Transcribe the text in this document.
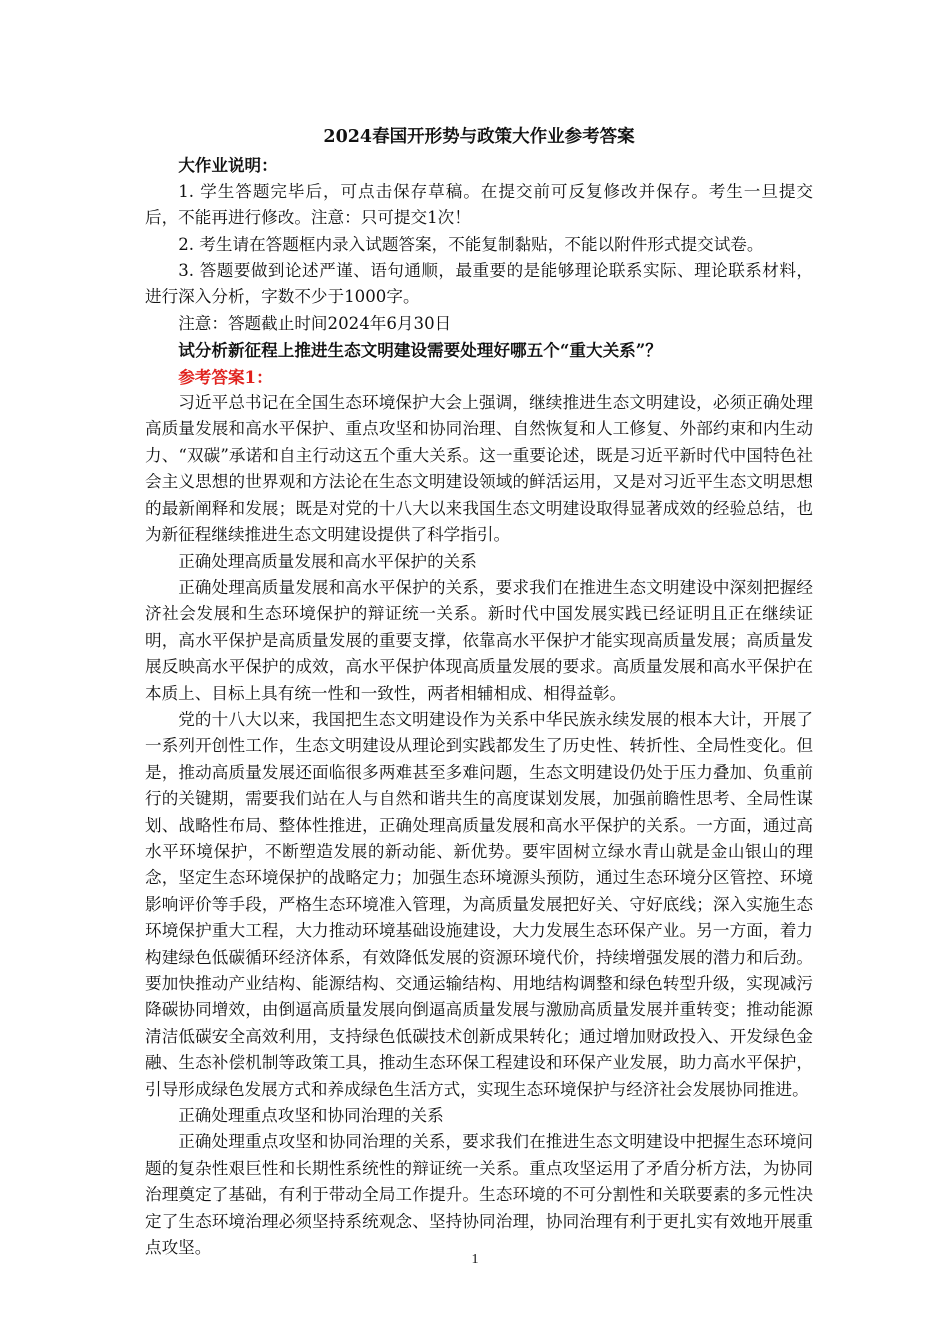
2024春国开形势与政策大作业参考答案

大作业说明：

1. 学生答题完毕后，可点击保存草稿。在提交前可反复修改并保存。考生一旦提交后，不能再进行修改。注意：只可提交1次！

2. 考生请在答题框内录入试题答案，不能复制黏贴，不能以附件形式提交试卷。

3. 答题要做到论述严谨、语句通顺，最重要的是能够理论联系实际、理论联系材料，进行深入分析，字数不少于1000字。

注意：答题截止时间2024年6月30日

试分析新征程上推进生态文明建设需要处理好哪五个“重大关系”？

参考答案1：

习近平总书记在全国生态环境保护大会上强调，继续推进生态文明建设，必须正确处理高质量发展和高水平保护、重点攻坚和协同治理、自然恢复和人工修复、外部约束和内生动力、“双碳”承诺和自主行动这五个重大关系。这一重要论述，既是习近平新时代中国特色社会主义思想的世界观和方法论在生态文明建设领域的鲜活运用，又是对习近平生态文明思想的最新阐释和发展；既是对党的十八大以来我国生态文明建设取得显著成效的经验总结，也为新征程继续推进生态文明建设提供了科学指引。

正确处理高质量发展和高水平保护的关系

正确处理高质量发展和高水平保护的关系，要求我们在推进生态文明建设中深刻把握经济社会发展和生态环境保护的辩证统一关系。新时代中国发展实践已经证明且正在继续证明，高水平保护是高质量发展的重要支撑，依靠高水平保护才能实现高质量发展；高质量发展反映高水平保护的成效，高水平保护体现高质量发展的要求。高质量发展和高水平保护在本质上、目标上具有统一性和一致性，两者相辅相成、相得益彰。

党的十八大以来，我国把生态文明建设作为关系中华民族永续发展的根本大计，开展了一系列开创性工作，生态文明建设从理论到实践都发生了历史性、转折性、全局性变化。但是，推动高质量发展还面临很多两难甚至多难问题，生态文明建设仍处于压力叠加、负重前行的关键期，需要我们站在人与自然和谐共生的高度谋划发展，加强前瞻性思考、全局性谋划、战略性布局、整体性推进，正确处理高质量发展和高水平保护的关系。一方面，通过高水平环境保护，不断塑造发展的新动能、新优势。要牢固树立绿水青山就是金山银山的理念，坚定生态环境保护的战略定力；加强生态环境源头预防，通过生态环境分区管控、环境影响评价等手段，严格生态环境准入管理，为高质量发展把好关、守好底线；深入实施生态环境保护重大工程，大力推动环境基础设施建设，大力发展生态环保产业。另一方面，着力构建绿色低碳循环经济体系，有效降低发展的资源环境代价，持续增强发展的潜力和后劲。要加快推动产业结构、能源结构、交通运输结构、用地结构调整和绿色转型升级，实现减污降碳协同增效，由倒逼高质量发展向倒逼高质量发展与激励高质量发展并重转变；推动能源清洁低碳安全高效利用，支持绿色低碳技术创新成果转化；通过增加财政投入、开发绿色金融、生态补偿机制等政策工具，推动生态环保工程建设和环保产业发展，助力高水平保护，引导形成绿色发展方式和养成绿色生活方式，实现生态环境保护与经济社会发展协同推进。

正确处理重点攻坚和协同治理的关系

正确处理重点攻坚和协同治理的关系，要求我们在推进生态文明建设中把握生态环境问题的复杂性艰巨性和长期性系统性的辩证统一关系。重点攻坚运用了矛盾分析方法，为协同治理奠定了基础，有利于带动全局工作提升。生态环境的不可分割性和关联要素的多元性决定了生态环境治理必须坚持系统观念、坚持协同治理，协同治理有利于更扎实有效地开展重点攻坚。

1
